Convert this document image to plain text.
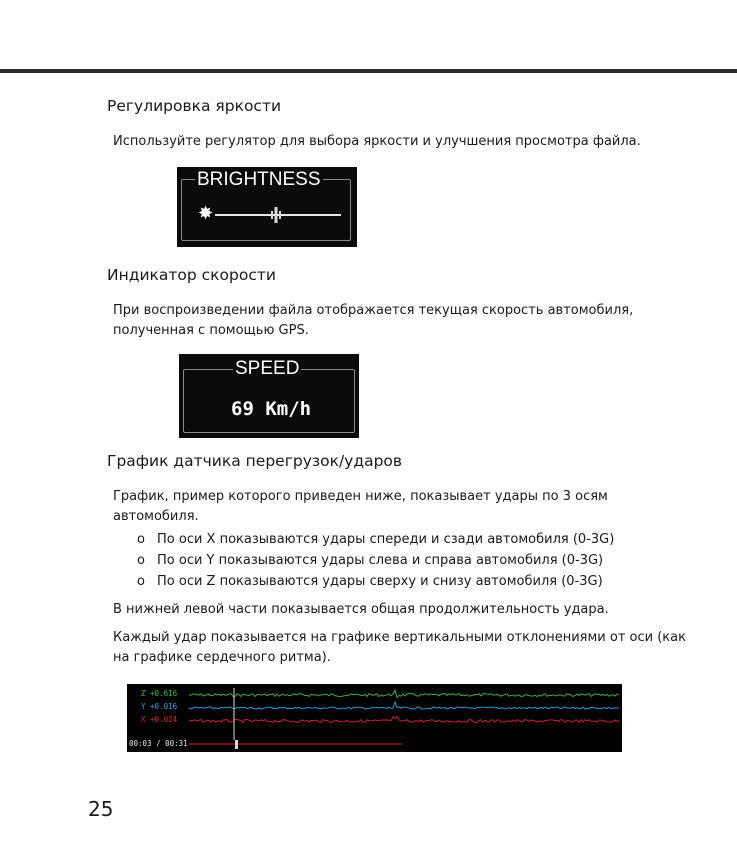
Регулировка яркости
Используйте регулятор для выбора яркости и улучшения просмотра файла.
BRIGHTNESS
✸
Индикатор скорости
При воспроизведении файла отображается текущая скорость автомобиля, полученная с помощью GPS.
SPEED
69 Km/h
График датчика перегрузок/ударов
График, пример которого приведен ниже, показывает удары по 3 осям автомобиля.
o По оси X показываются удары спереди и сзади автомобиля (0-3G)
o По оси Y показываются удары слева и справа автомобиля (0-3G)
o По оси Z показываются удары сверху и снизу автомобиля (0-3G)
В нижней левой части показывается общая продолжительность удара.
Каждый удар показывается на графике вертикальными отклонениями от оси (как на графике сердечного ритма).
Z +0.616
Y +0.016
X +0.024
00:03 / 00:31
25
